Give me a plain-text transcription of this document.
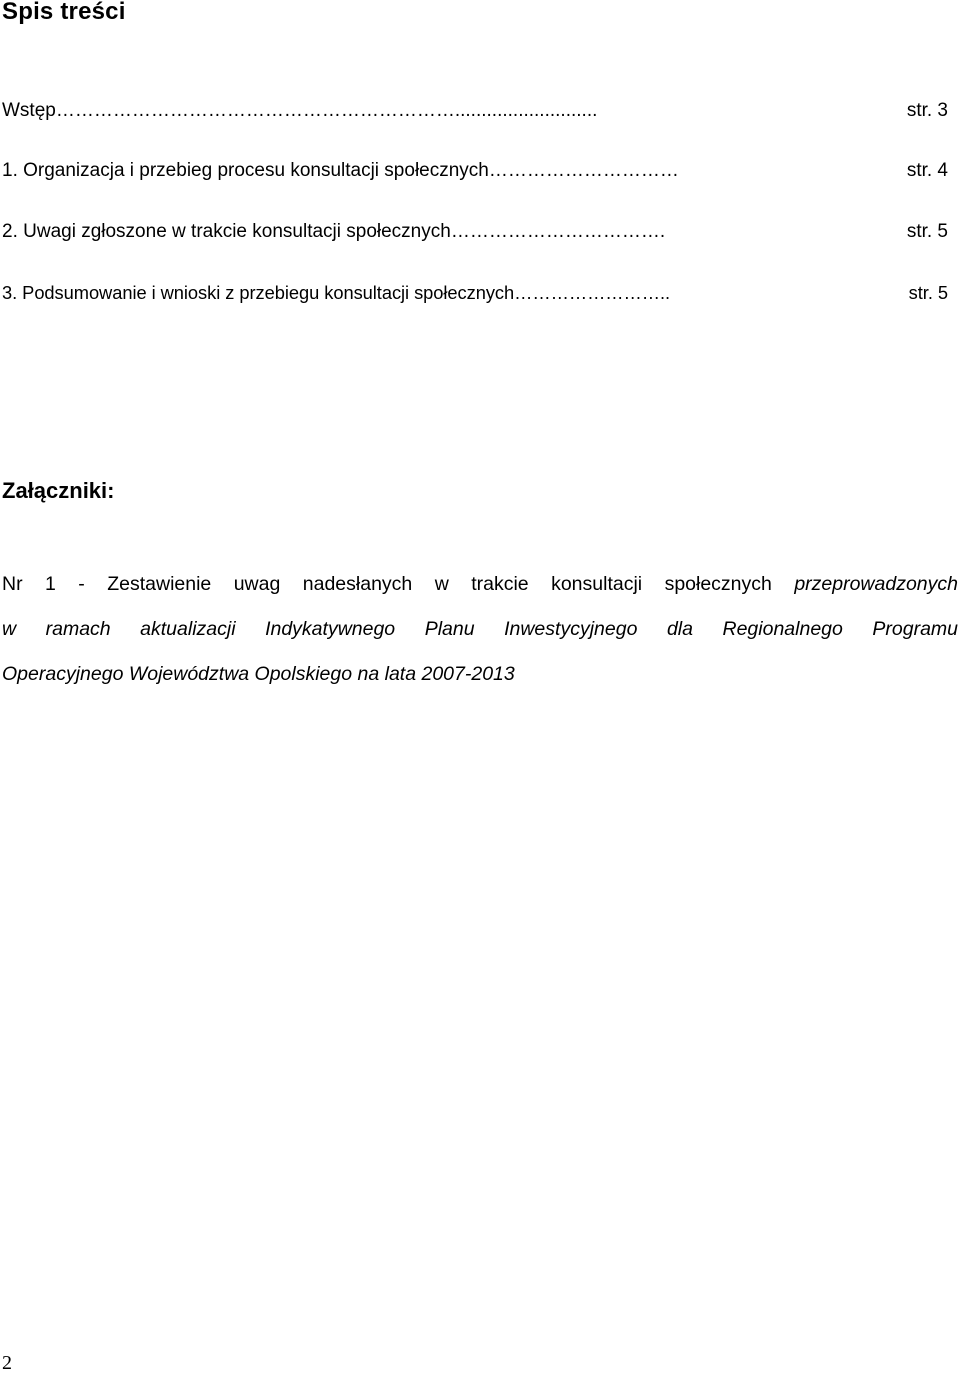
Spis treści
Wstęp………………………………………………………...........................	str. 3
1. Organizacja i przebieg procesu konsultacji społecznych…………………………	str. 4
2. Uwagi zgłoszone w trakcie konsultacji społecznych…………………………….	str. 5
3. Podsumowanie i wnioski z przebiegu konsultacji społecznych……………………..	str. 5
Załączniki:
Nr 1 - Zestawienie uwag nadesłanych w trakcie konsultacji społecznych przeprowadzonych
w ramach aktualizacji Indykatywnego Planu Inwestycyjnego dla Regionalnego Programu
Operacyjnego Województwa Opolskiego na lata 2007-2013
2
